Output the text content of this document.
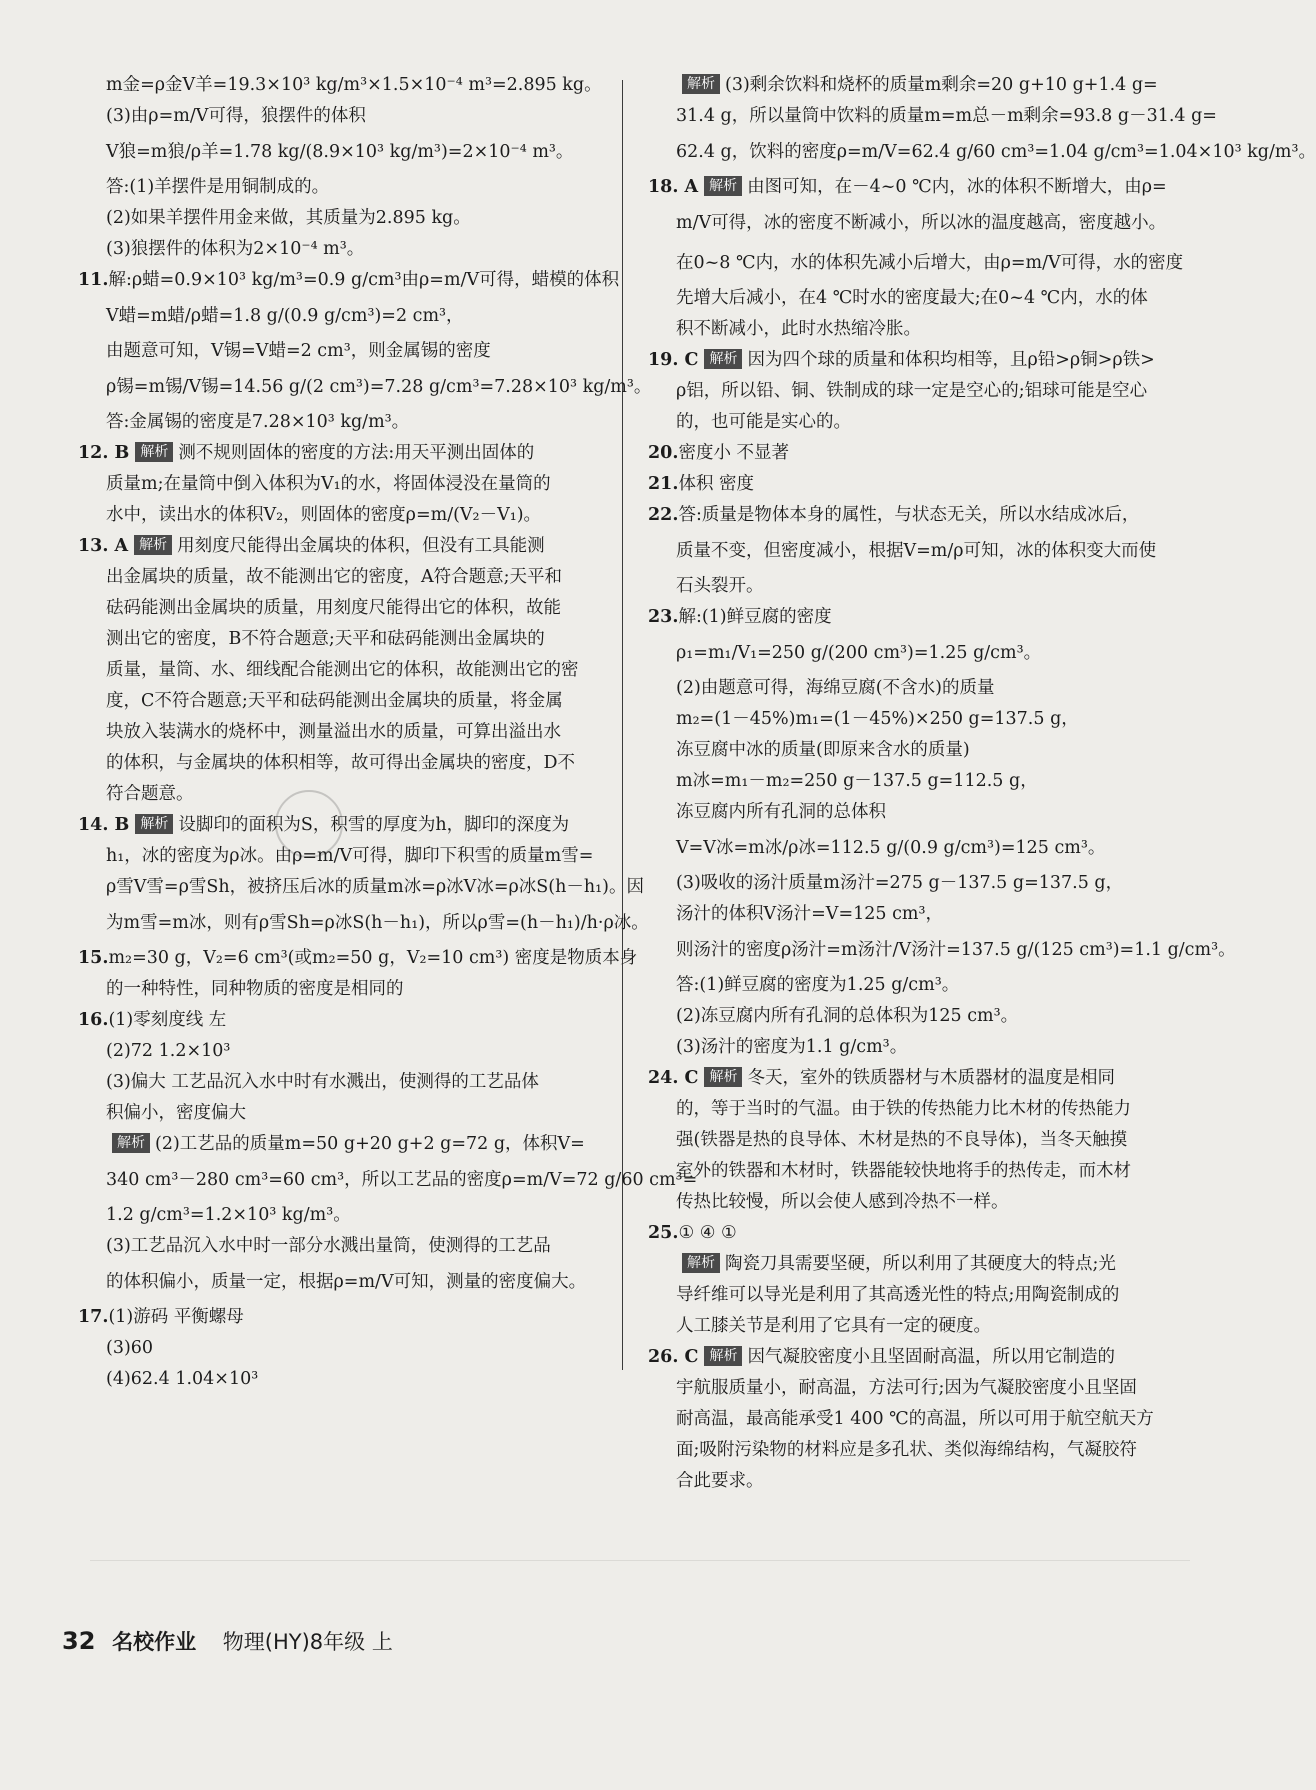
m金=ρ金V羊=19.3×10³ kg/m³×1.5×10⁻⁴ m³=2.895 kg。
(3)由ρ=m/V可得，狼摆件的体积
V狼=m狼/ρ羊=1.78 kg/(8.9×10³ kg/m³)=2×10⁻⁴ m³。
答:(1)羊摆件是用铜制成的。
(2)如果羊摆件用金来做，其质量为2.895 kg。
(3)狼摆件的体积为2×10⁻⁴ m³。
11.解:ρ蜡=0.9×10³ kg/m³=0.9 g/cm³由ρ=m/V可得，蜡模的体积
V蜡=m蜡/ρ蜡=1.8 g/(0.9 g/cm³)=2 cm³，
由题意可知，V锡=V蜡=2 cm³，则金属锡的密度
ρ锡=m锡/V锡=14.56 g/(2 cm³)=7.28 g/cm³=7.28×10³ kg/m³。
答:金属锡的密度是7.28×10³ kg/m³。
12. B 解析 测不规则固体的密度的方法:用天平测出固体的
质量m;在量筒中倒入体积为V₁的水，将固体浸没在量筒的
水中，读出水的体积V₂，则固体的密度ρ=m/(V₂－V₁)。
13. A 解析 用刻度尺能得出金属块的体积，但没有工具能测
出金属块的质量，故不能测出它的密度，A符合题意;天平和
砝码能测出金属块的质量，用刻度尺能得出它的体积，故能
测出它的密度，B不符合题意;天平和砝码能测出金属块的
质量，量筒、水、细线配合能测出它的体积，故能测出它的密
度，C不符合题意;天平和砝码能测出金属块的质量，将金属
块放入装满水的烧杯中，测量溢出水的质量，可算出溢出水
的体积，与金属块的体积相等，故可得出金属块的密度，D不
符合题意。
14. B 解析 设脚印的面积为S，积雪的厚度为h，脚印的深度为
h₁，冰的密度为ρ冰。由ρ=m/V可得，脚印下积雪的质量m雪=
ρ雪V雪=ρ雪Sh，被挤压后冰的质量m冰=ρ冰V冰=ρ冰S(h－h₁)。因
为m雪=m冰，则有ρ雪Sh=ρ冰S(h－h₁)，所以ρ雪=(h－h₁)/h·ρ冰。
15.m₂=30 g，V₂=6 cm³(或m₂=50 g，V₂=10 cm³) 密度是物质本身
的一种特性，同种物质的密度是相同的
16.(1)零刻度线 左
(2)72 1.2×10³
(3)偏大 工艺品沉入水中时有水溅出，使测得的工艺品体
积偏小，密度偏大
解析 (2)工艺品的质量m=50 g+20 g+2 g=72 g，体积V=
340 cm³－280 cm³=60 cm³，所以工艺品的密度ρ=m/V=72 g/60 cm³=
1.2 g/cm³=1.2×10³ kg/m³。
(3)工艺品沉入水中时一部分水溅出量筒，使测得的工艺品
的体积偏小，质量一定，根据ρ=m/V可知，测量的密度偏大。
17.(1)游码 平衡螺母
(3)60
(4)62.4 1.04×10³
解析 (3)剩余饮料和烧杯的质量m剩余=20 g+10 g+1.4 g=
31.4 g，所以量筒中饮料的质量m=m总－m剩余=93.8 g－31.4 g=
62.4 g，饮料的密度ρ=m/V=62.4 g/60 cm³=1.04 g/cm³=1.04×10³ kg/m³。
18. A 解析 由图可知，在－4~0 ℃内，冰的体积不断增大，由ρ=
m/V可得，冰的密度不断减小，所以冰的温度越高，密度越小。
在0~8 ℃内，水的体积先减小后增大，由ρ=m/V可得，水的密度
先增大后减小，在4 ℃时水的密度最大;在0~4 ℃内，水的体
积不断减小，此时水热缩冷胀。
19. C 解析 因为四个球的质量和体积均相等，且ρ铅>ρ铜>ρ铁>
ρ铝，所以铅、铜、铁制成的球一定是空心的;铝球可能是空心
的，也可能是实心的。
20.密度小 不显著
21.体积 密度
22.答:质量是物体本身的属性，与状态无关，所以水结成冰后，
质量不变，但密度减小，根据V=m/ρ可知，冰的体积变大而使
石头裂开。
23.解:(1)鲜豆腐的密度
ρ₁=m₁/V₁=250 g/(200 cm³)=1.25 g/cm³。
(2)由题意可得，海绵豆腐(不含水)的质量
m₂=(1－45%)m₁=(1－45%)×250 g=137.5 g，
冻豆腐中冰的质量(即原来含水的质量)
m冰=m₁－m₂=250 g－137.5 g=112.5 g，
冻豆腐内所有孔洞的总体积
V=V冰=m冰/ρ冰=112.5 g/(0.9 g/cm³)=125 cm³。
(3)吸收的汤汁质量m汤汁=275 g－137.5 g=137.5 g，
汤汁的体积V汤汁=V=125 cm³，
则汤汁的密度ρ汤汁=m汤汁/V汤汁=137.5 g/(125 cm³)=1.1 g/cm³。
答:(1)鲜豆腐的密度为1.25 g/cm³。
(2)冻豆腐内所有孔洞的总体积为125 cm³。
(3)汤汁的密度为1.1 g/cm³。
24. C 解析 冬天，室外的铁质器材与木质器材的温度是相同
的，等于当时的气温。由于铁的传热能力比木材的传热能力
强(铁器是热的良导体、木材是热的不良导体)，当冬天触摸
室外的铁器和木材时，铁器能较快地将手的热传走，而木材
传热比较慢，所以会使人感到冷热不一样。
25.① ④ ①
解析 陶瓷刀具需要坚硬，所以利用了其硬度大的特点;光
导纤维可以导光是利用了其高透光性的特点;用陶瓷制成的
人工膝关节是利用了它具有一定的硬度。
26. C 解析 因气凝胶密度小且坚固耐高温，所以用它制造的
宇航服质量小，耐高温，方法可行;因为气凝胶密度小且坚固
耐高温，最高能承受1 400 ℃的高温，所以可用于航空航天方
面;吸附污染物的材料应是多孔状、类似海绵结构，气凝胶符
合此要求。
32 名校作业 物理(HY)8年级 上
